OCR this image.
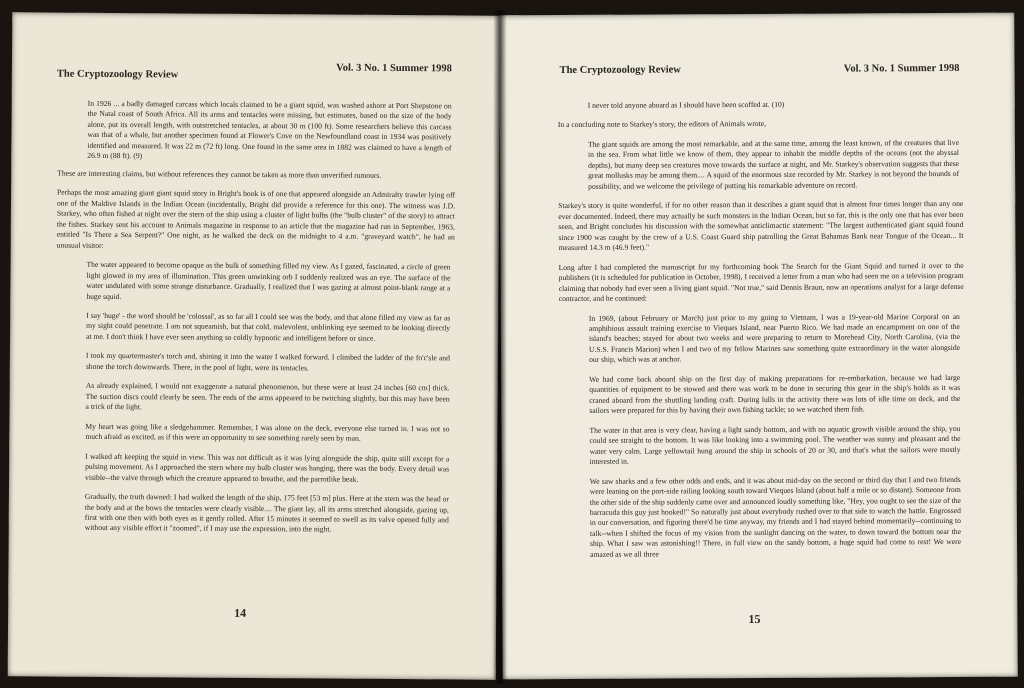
The Cryptozoology Review
Vol. 3 No. 1 Summer 1998

In 1926 ... a badly damaged carcass which locals claimed to be a giant squid, was washed ashore at Port Shepstone on the Natal coast of South Africa. All its arms and tentacles were missing, but estimates, based on the size of the body alone, put its overall length, with outstretched tentacles, at about 30 m (100 ft). Some researchers believe this carcass was that of a whale, but another specimen found at Flower's Cove on the Newfoundland coast in 1934 was positively identified and measured. It was 22 m (72 ft) long. One found in the same area in 1882 was claimed to have a length of 26.9 m (88 ft). (9)

These are interesting claims, but without references they cannot be taken as more than unverified rumours.

Perhaps the most amazing giant giant squid story in Bright's book is of one that appeared alongside an Admiralty trawler lying off one of the Maldive Islands in the Indian Ocean (incidentally, Bright did provide a reference for this one). The witness was J.D. Starkey, who often fished at night over the stern of the ship using a cluster of light bulbs (the "bulb cluster" of the story) to attract the fishes. Starkey sent his account to Animals magazine in response to an article that the magazine had run in September, 1963, entitled "Is There a Sea Serpent?" One night, as he walked the deck on the midnight to 4 a.m. "graveyard watch", he had an unusual visitor:

The water appeared to become opaque as the bulk of something filled my view. As I gazed, fascinated, a circle of green light glowed in my area of illumination. This green unwinking orb I suddenly realized was an eye. The surface of the water undulated with some strange disturbance. Gradually, I realized that I was gazing at almost point-blank range at a huge squid.

I say 'huge' - the word should be 'colossal', as so far all I could see was the body, and that alone filled my view as far as my sight could penetrate. I am not squeamish, but that cold, malevolent, unblinking eye seemed to be looking directly at me. I don't think I have ever seen anything so coldly hypnotic and intelligent before or since.

I took my quartermaster's torch and, shining it into the water I walked forward. I climbed the ladder of the fo'c'sle and shone the torch downwards. There, in the pool of light, were its tentacles.

As already explained, I would not exaggerate a natural phenomenon, but these were at least 24 inches [60 cm] thick. The suction discs could clearly be seen. The ends of the arms appeared to be twitching slightly, but this may have been a trick of the light.

My heart was going like a sledgehammer. Remember, I was alone on the deck, everyone else turned in. I was not so much afraid as excited, as if this were an opportunity to see something rarely seen by man.

I walked aft keeping the squid in view. This was not difficult as it was lying alongside the ship, quite still except for a pulsing movement. As I approached the stern where my bulb cluster was hanging, there was the body. Every detail was visible--the valve through which the creature appeared to breathe, and the parrotlike beak.

Gradually, the truth dawned: I had walked the length of the ship, 175 feet [53 m] plus. Here at the stern was the head or the body and at the bows the tentacles were clearly visible.... The giant lay, all its arms stretched alongside, gazing up, first with one then with both eyes as it gently rolled. After 15 minutes it seemed to swell as its valve opened fully and without any visible effort it "zoomed", if I may use the expression, into the night.

14
The Cryptozoology Review	Vol. 3 No. 1 Summer 1998

I never told anyone aboard as I should have been scoffed at. (10)

In a concluding note to Starkey's story, the editors of Animals wrote,

The giant squids are among the most remarkable, and at the same time, among the least known, of the creatures that live in the sea. From what little we know of them, they appear to inhabit the middle depths of the oceans (not the abyssal depths), but many deep sea creatures move towards the surface at night, and Mr. Starkey's observation suggests that these great mollusks may be among them.... A squid of the enormous size recorded by Mr. Starkey is not beyond the bounds of possibility, and we welcome the privilege of putting his remarkable adventure on record.

Starkey's story is quite wonderful, if for no other reason than it describes a giant squid that is almost four times longer than any one ever documented. Indeed, there may actually be such monsters in the Indian Ocean, but so far, this is the only one that has ever been seen, and Bright concludes his discussion with the somewhat anticlimactic statement: "The largest authenticated giant squid found since 1900 was caught by the crew of a U.S. Coast Guard ship patrolling the Great Bahamas Bank near Tongue of the Ocean... It measured 14.3 m (46.9 feet)."

Long after I had completed the manuscript for my forthcoming book The Search for the Giant Squid and turned it over to the publishers (it is scheduled for publication in October, 1998), I received a letter from a man who had seen me on a television program claiming that nobody had ever seen a living giant squid. "Not true," said Dennis Braun, now an operations analyst for a large defense contractor, and he continued:

In 1969, (about February or March) just prior to my going to Vietnam, I was a 19-year-old Marine Corporal on an amphibious assault training exercise to Vieques Island, near Puerto Rico. We had made an encampment on one of the island's beaches; stayed for about two weeks and were preparing to return to Morehead City, North Carolina, (via the U.S.S. Francis Marion) when I and two of my fellow Marines saw something quite extraordinary in the water alongside our ship, which was at anchor.

We had come back aboard ship on the first day of making preparations for re-embarkation, because we had large quantities of equipment to be stowed and there was work to be done in securing this gear in the ship's holds as it was craned aboard from the shuttling landing craft. During lulls in the activity there was lots of idle time on deck, and the sailors were prepared for this by having their own fishing tackle; so we watched them fish.

The water in that area is very clear, having a light sandy bottom, and with no aquatic growth visible around the ship, you could see straight to the bottom. It was like looking into a swimming pool. The weather was sunny and pleasant and the water very calm. Large yellowtail hung around the ship in schools of 20 or 30, and that's what the sailors were mostly interested in.

We saw sharks and a few other odds and ends, and it was about mid-day on the second or third day that I and two friends were leaning on the port-side railing looking south toward Vieques Island (about half a mile or so distant). Someone from the other side of the ship suddenly came over and announced loudly something like, "Hey, you ought to see the size of the barracuda this guy just hooked!" So naturally just about everybody rushed over to that side to watch the battle. Engrossed in our conversation, and figuring there'd be time anyway, my friends and I had stayed behind momentarily--continuing to talk--when I shifted the focus of my vision from the sunlight dancing on the water, to down toward the bottom near the ship. What I saw was astonishing!! There, in full view on the sandy bottom, a huge squid had come to rest! We were amazed as we all three

15
